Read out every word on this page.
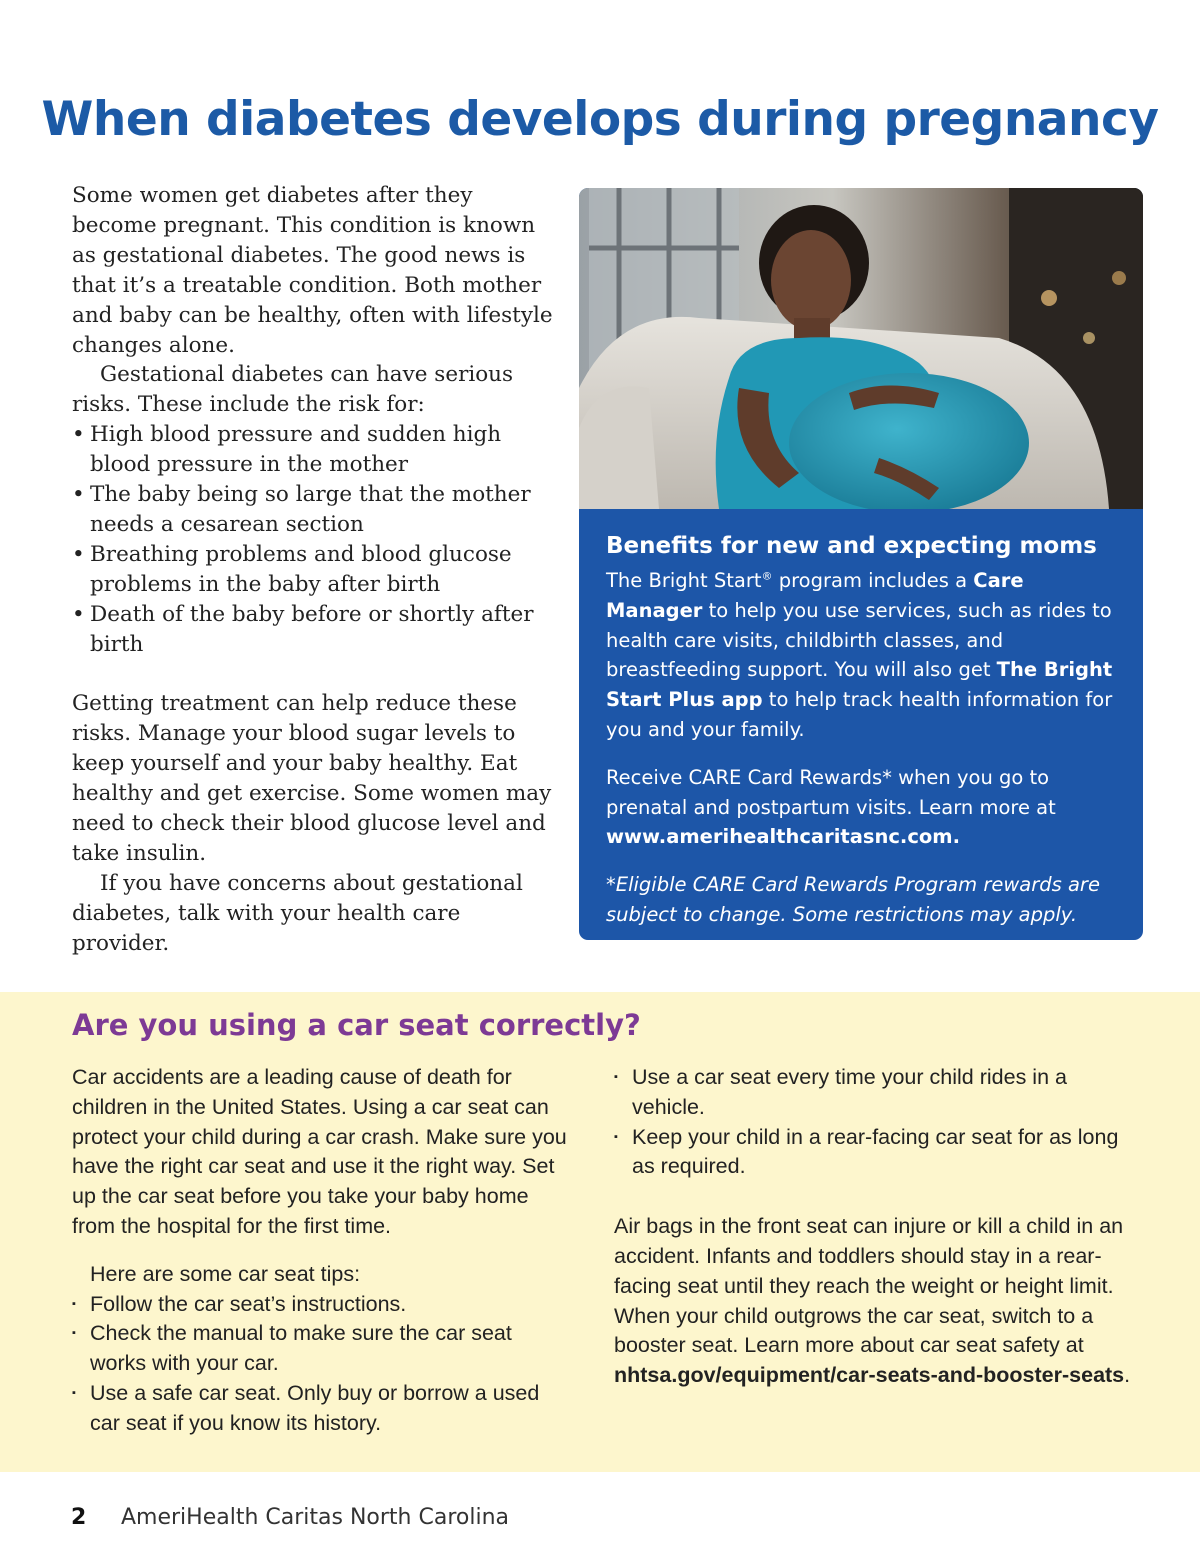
When diabetes develops during pregnancy

Some women get diabetes after they become pregnant. This condition is known as gestational diabetes. The good news is that it’s a treatable condition. Both mother and baby can be healthy, often with lifestyle changes alone.

Gestational diabetes can have serious risks. These include the risk for:

• High blood pressure and sudden high blood pressure in the mother
• The baby being so large that the mother needs a cesarean section
• Breathing problems and blood glucose problems in the baby after birth
• Death of the baby before or shortly after birth

Getting treatment can help reduce these risks. Manage your blood sugar levels to keep yourself and your baby healthy. Eat healthy and get exercise. Some women may need to check their blood glucose level and take insulin.

If you have concerns about gestational diabetes, talk with your health care provider.

Benefits for new and expecting moms

The Bright Start® program includes a Care Manager to help you use services, such as rides to health care visits, childbirth classes, and breastfeeding support. You will also get The Bright Start Plus app to help track health information for you and your family.

Receive CARE Card Rewards* when you go to prenatal and postpartum visits. Learn more at www.amerihealthcaritasnc.com.

*Eligible CARE Card Rewards Program rewards are subject to change. Some restrictions may apply.

Are you using a car seat correctly?

Car accidents are a leading cause of death for children in the United States. Using a car seat can protect your child during a car crash. Make sure you have the right car seat and use it the right way. Set up the car seat before you take your baby home from the hospital for the first time.

Here are some car seat tips:

▪ Follow the car seat’s instructions.
▪ Check the manual to make sure the car seat works with your car.
▪ Use a safe car seat. Only buy or borrow a used car seat if you know its history.
▪ Use a car seat every time your child rides in a vehicle.
▪ Keep your child in a rear-facing car seat for as long as required.

Air bags in the front seat can injure or kill a child in an accident. Infants and toddlers should stay in a rear-facing seat until they reach the weight or height limit. When your child outgrows the car seat, switch to a booster seat. Learn more about car seat safety at nhtsa.gov/equipment/car-seats-and-booster-seats.

2 AmeriHealth Caritas North Carolina
